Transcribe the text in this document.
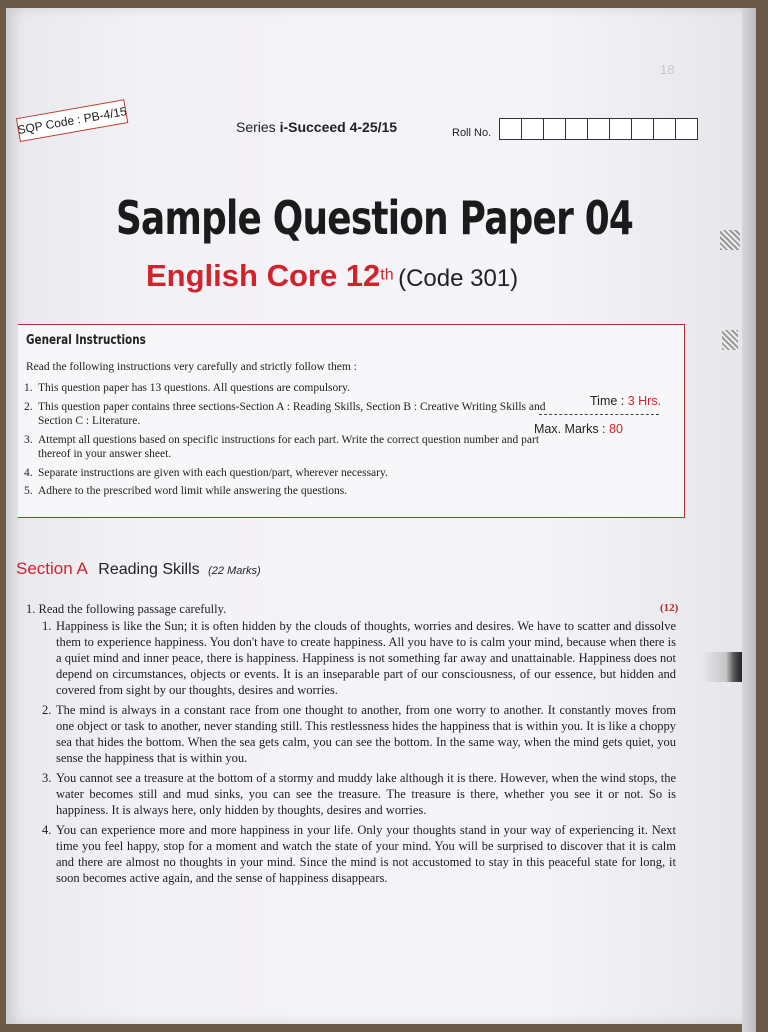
18
SQP Code : PB-4/15	Series i-Succeed 4-25/15	Roll No.
Sample Question Paper 04
English Core 12th (Code 301)
General Instructions
Read the following instructions very carefully and strictly follow them :
1. This question paper has 13 questions. All questions are compulsory.
2. This question paper contains three sections-Section A : Reading Skills, Section B : Creative Writing Skills and Section C : Literature.
3. Attempt all questions based on specific instructions for each part. Write the correct question number and part thereof in your answer sheet.
4. Separate instructions are given with each question/part, wherever necessary.
5. Adhere to the prescribed word limit while answering the questions.
Time : 3 Hrs.
Max. Marks : 80
Section A Reading Skills (22 Marks)
1. Read the following passage carefully.	(12)
1. Happiness is like the Sun; it is often hidden by the clouds of thoughts, worries and desires. We have to scatter and dissolve them to experience happiness. You don't have to create happiness. All you have to is calm your mind, because when there is a quiet mind and inner peace, there is happiness. Happiness is not something far away and unattainable. Happiness does not depend on circumstances, objects or events. It is an inseparable part of our consciousness, of our essence, but hidden and covered from sight by our thoughts, desires and worries.
2. The mind is always in a constant race from one thought to another, from one worry to another. It constantly moves from one object or task to another, never standing still. This restlessness hides the happiness that is within you. It is like a choppy sea that hides the bottom. When the sea gets calm, you can see the bottom. In the same way, when the mind gets quiet, you sense the happiness that is within you.
3. You cannot see a treasure at the bottom of a stormy and muddy lake although it is there. However, when the wind stops, the water becomes still and mud sinks, you can see the treasure. The treasure is there, whether you see it or not. So is happiness. It is always here, only hidden by thoughts, desires and worries.
4. You can experience more and more happiness in your life. Only your thoughts stand in your way of experiencing it. Next time you feel happy, stop for a moment and watch the state of your mind. You will be surprised to discover that it is calm and there are almost no thoughts in your mind. Since the mind is not accustomed to stay in this peaceful state for long, it soon becomes active again, and the sense of happiness disappears.
